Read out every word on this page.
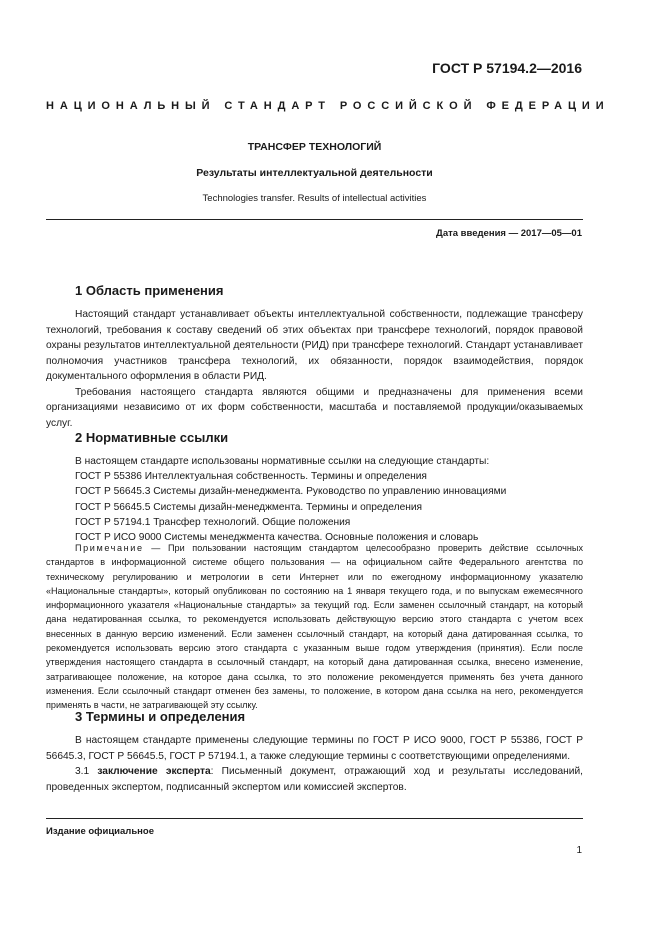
ГОСТ Р 57194.2—2016
НАЦИОНАЛЬНЫЙ СТАНДАРТ РОССИЙСКОЙ ФЕДЕРАЦИИ
ТРАНСФЕР ТЕХНОЛОГИЙ
Результаты интеллектуальной деятельности
Technologies transfer. Results of intellectual activities
Дата введения — 2017—05—01
1 Область применения

Настоящий стандарт устанавливает объекты интеллектуальной собственности, подлежащие трансферу технологий, требования к составу сведений об этих объектах при трансфере технологий, порядок правовой охраны результатов интеллектуальной деятельности (РИД) при трансфере технологий. Стандарт устанавливает полномочия участников трансфера технологий, их обязанности, порядок взаимодействия, порядок документального оформления в области РИД.

Требования настоящего стандарта являются общими и предназначены для применения всеми организациями независимо от их форм собственности, масштаба и поставляемой продукции/оказываемых услуг.

2 Нормативные ссылки
В настоящем стандарте использованы нормативные ссылки на следующие стандарты:
ГОСТ Р 55386 Интеллектуальная собственность. Термины и определения
ГОСТ Р 56645.3 Системы дизайн-менеджмента. Руководство по управлению инновациями
ГОСТ Р 56645.5 Системы дизайн-менеджмента. Термины и определения
ГОСТ Р 57194.1 Трансфер технологий. Общие положения
ГОСТ Р ИСО 9000 Системы менеджмента качества. Основные положения и словарь

Примечание — При пользовании настоящим стандартом целесообразно проверить действие ссылочных стандартов в информационной системе общего пользования — на официальном сайте Федерального агентства по техническому регулированию и метрологии в сети Интернет или по ежегодному информационному указателю «Национальные стандарты», который опубликован по состоянию на 1 января текущего года, и по выпускам ежемесячного информационного указателя «Национальные стандарты» за текущий год. Если заменен ссылочный стандарт, на который дана недатированная ссылка, то рекомендуется использовать действующую версию этого стандарта с учетом всех внесенных в данную версию изменений. Если заменен ссылочный стандарт, на который дана датированная ссылка, то рекомендуется использовать версию этого стандарта с указанным выше годом утверждения (принятия). Если после утверждения настоящего стандарта в ссылочный стандарт, на который дана датированная ссылка, внесено изменение, затрагивающее положение, на которое дана ссылка, то это положение рекомендуется применять без учета данного изменения. Если ссылочный стандарт отменен без замены, то положение, в котором дана ссылка на него, рекомендуется применять в части, не затрагивающей эту ссылку.

3 Термины и определения

В настоящем стандарте применены следующие термины по ГОСТ Р ИСО 9000, ГОСТ Р 55386, ГОСТ Р 56645.3, ГОСТ Р 56645.5, ГОСТ Р 57194.1, а также следующие термины с соответствующими определениями.

3.1 заключение эксперта: Письменный документ, отражающий ход и результаты исследований, проведенных экспертом, подписанный экспертом или комиссией экспертов.

Издание официальное
1
